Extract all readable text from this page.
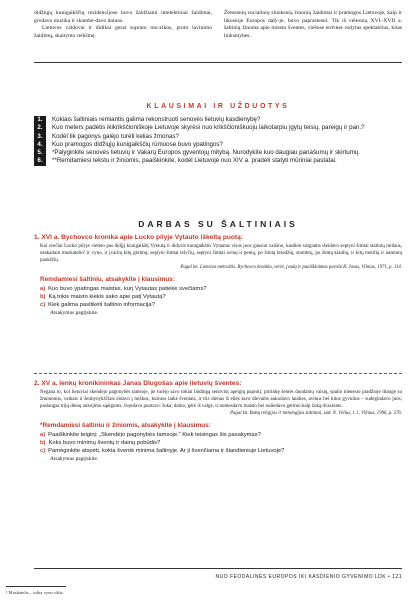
didžiųjų kunigaikščių rezidencijose buvo žaidžiami intelektiniai žaidimai, grodavo muzika ir skambė-davo dainos.

Lietuvos valdovai ir didikai gerai suprato mu-zikos, proto lavinimo žaidimų, skaitymo reikšmę.

Žemesnių socialinių sluoksnių žmonių žaidimai ir pramogos Lietuvoje, kaip ir likusioje Europos daly-je, buvo paprastesni. Tik iš vėlesnių XVI–XVII a. šaltinių žinoma apie miesto šventes, viešose erdvėse rodytus spektaklius, kitas linksmybes.

KLAUSIMAI IR UŽDUOTYS
1.	Kokiais šaltiniais remiantis galima rekonstruoti senovės lietuvių kasdienybę?
2.	Kuo meters padėtis ikikrikščioniškoje Lietuvoje skyrėsi nuo krikščioniškuoju laikotarpiu įgytų teisių, pareigų ir pan.?
3.	Kodėl tik pagonys galėjo turėti kelias žmonas?
4.	Kuo pramogos didžiųjų kunigaikščių rūmuose buvo ypatingos?
5.	*Palyginkite senovės lietuvių ir Vakarų Europos gyventojų mitybą. Nurodykite kuo daugiau panašumų ir skirtumų.
6.	**Remdamiesi tekstu ir žiniomis, paaiškinkite, kodėl Lietuvoje nuo XIV a. pradėti statyti mūriniai pastatai.
DARBAS SU ŠALTINIAIS
1. XVI a. Bychovco kronika apie Lucko pilyje Vytauto iškeltą puotą:
Kai svečiai Lucko pilyje vieteto pas didįjį kunigaikštį Vytautą ir didysis kunigaikštis Vytautas visus juos gausiai vaišino, kasdien valgiams išeidavo septyni šimtai statinių midaus, neskaitant muskatelio¹ ir vyno, ir įvairių kitų gėrimų; septyni šimtai telyčių, septyni šimtai avinų ir penių, po šimtą briedžių, stumbrų, po šimtą kiaulių, ir kitų meitlių ir naminių paukščių.
Pagal kn. Lietuvos metraštis. Bychovco kronika, vertė, įvadą ir paaiškinimus parašė R. Jasas, Vilnius, 1971, p. 114.
Remdamiesi šaltiniu, atsakykite į klausimus:
a) Kuo buvo ypatingas maistas, kurį Vytautas patiekė svečiams?
b) Ką tokis maisto kiekis sako apie patį Vytautą?
c) Kiek galima pasitikėti šaltinio informacija?
Atsakymus pagrįskite.
2. XV a. lenkų kronikininkas Janas Dlugošas apie lietuvių šventes:
Negana to, kol lietuviai skendėjo pagonybės tamsoje, jie turėjo savo tokiai būdingą senovinį apeigių paprotį: pririnkę šemės duodamų vaisių, spalio mėnesio pradžioje draugė su žmonomis, vaikais ir šeimynykščiais eidavo į miškus, kuriuos laikė šventais, ir tris dienas iš eilės savo dievams aukodavo laudies, avinus bei kitus gyvulius – sudegindavo juos; paslaugas trijų dienų aukojimo sąeigoms, švęsdavo puotavo: šoka, daino, gėrė iš valgė, ir numesdavo maisto bei nuliedavo gėrimo kalp žuką dvasioms.
Pagal kn. Baltų religijos ir mitologijos šaltiniai, sud. N. Vėlius, t. 1, Vilnius, 1996, p. 576.
*Remdamiesi šaltiniu ir žiniomis, atsakykite į klausimus:
a) Paaiškinkite teiginį: „Skendėjo pagonybės tamsoje.“ Kiek teisingas šis pasakymas?
b) Koks buvo minimų šventų ir dainų pobūdis?
c) Pamėginkite atspėti, kokia šventė minima šaltinyje. Ar ji švenčiama ir šiandieniuje Lietuvoje?
Atsakymus pagrįskite.
NUO FEODALINĖS EUROPOS IKI KASDIENIO GYVENIMO LDK • 121
¹ Muskatelis – tokia vyno rūšis.
